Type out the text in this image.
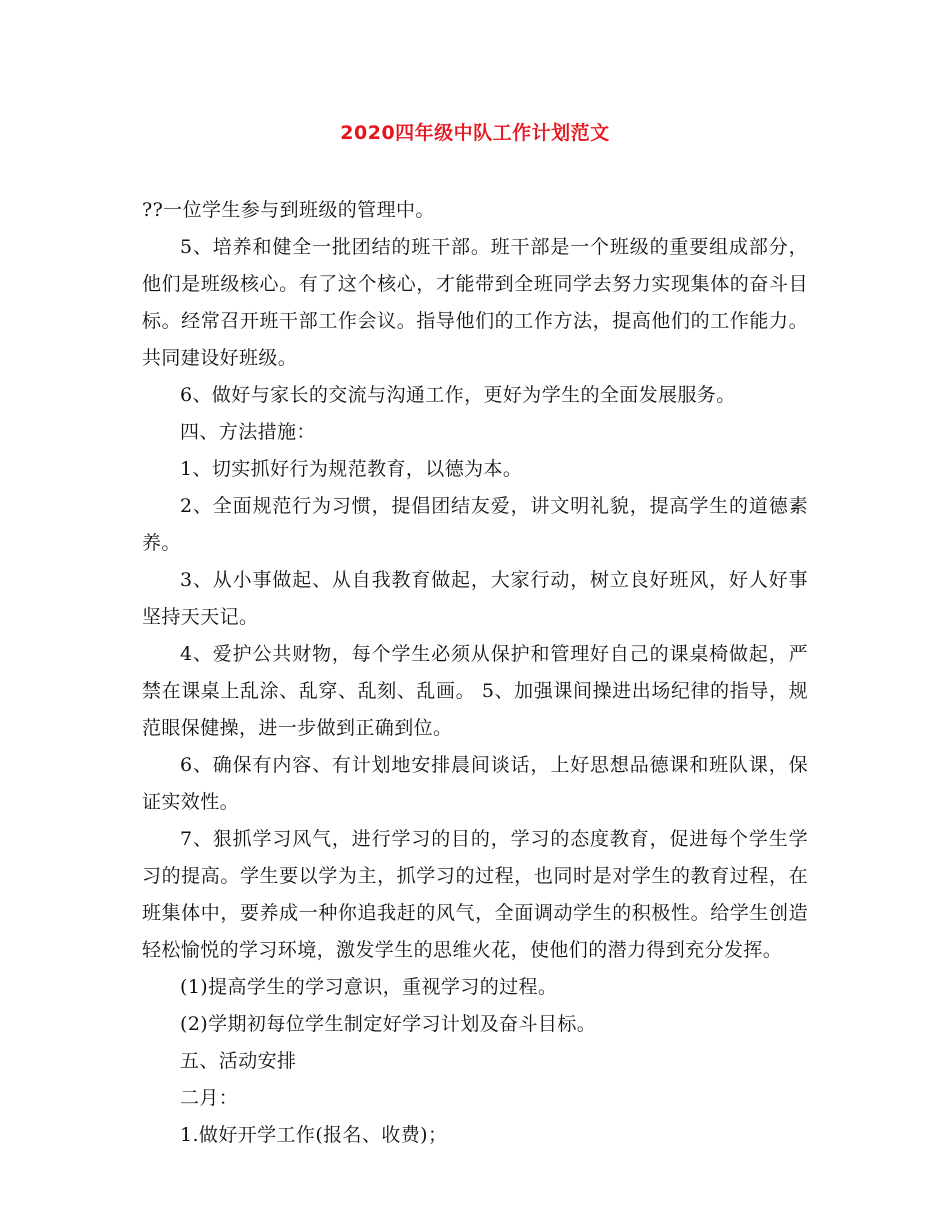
2020四年级中队工作计划范文

??一位学生参与到班级的管理中。

5、培养和健全一批团结的班干部。班干部是一个班级的重要组成部分，他们是班级核心。有了这个核心，才能带到全班同学去努力实现集体的奋斗目标。经常召开班干部工作会议。指导他们的工作方法，提高他们的工作能力。共同建设好班级。

6、做好与家长的交流与沟通工作，更好为学生的全面发展服务。

四、方法措施：

1、切实抓好行为规范教育，以德为本。

2、全面规范行为习惯，提倡团结友爱，讲文明礼貌，提高学生的道德素养。

3、从小事做起、从自我教育做起，大家行动，树立良好班风，好人好事坚持天天记。

4、爱护公共财物，每个学生必须从保护和管理好自己的课桌椅做起，严禁在课桌上乱涂、乱穿、乱刻、乱画。 5、加强课间操进出场纪律的指导，规范眼保健操，进一步做到正确到位。

6、确保有内容、有计划地安排晨间谈话，上好思想品德课和班队课，保证实效性。

7、狠抓学习风气，进行学习的目的，学习的态度教育，促进每个学生学习的提高。学生要以学为主，抓学习的过程，也同时是对学生的教育过程，在班集体中，要养成一种你追我赶的风气，全面调动学生的积极性。给学生创造轻松愉悦的学习环境，激发学生的思维火花，使他们的潜力得到充分发挥。

(1)提高学生的学习意识，重视学习的过程。

(2)学期初每位学生制定好学习计划及奋斗目标。

五、活动安排

二月：

1.做好开学工作(报名、收费)；
